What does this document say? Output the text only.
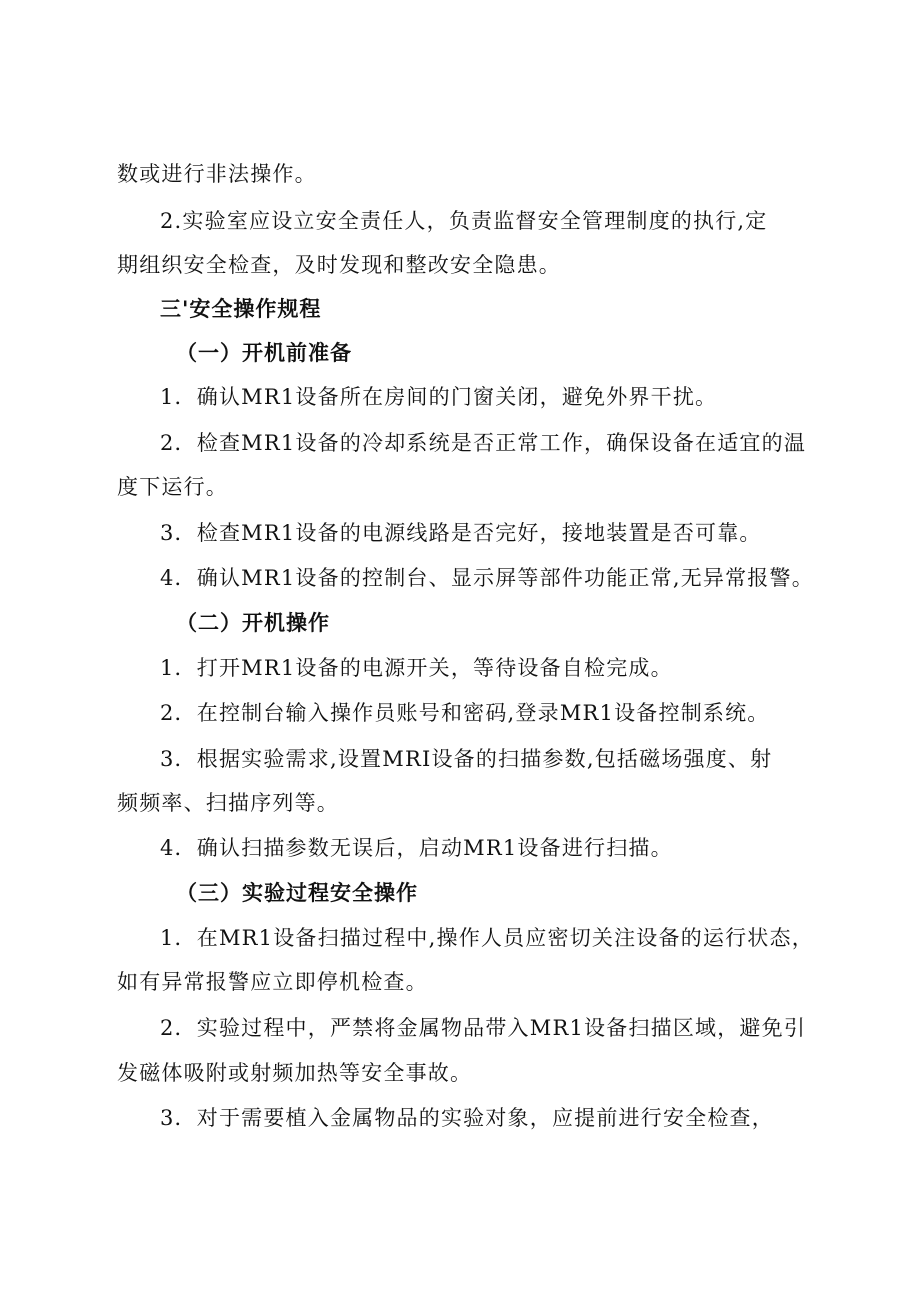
数或进行非法操作。
2.实验室应设立安全责任人，负责监督安全管理制度的执行,定
期组织安全检查，及时发现和整改安全隐患。
三'安全操作规程
（一）开机前准备
1．确认MR1设备所在房间的门窗关闭，避免外界干扰。
2．检查MR1设备的冷却系统是否正常工作，确保设备在适宜的温
度下运行。
3．检查MR1设备的电源线路是否完好，接地装置是否可靠。
4．确认MR1设备的控制台、显示屏等部件功能正常,无异常报警。
（二）开机操作
1．打开MR1设备的电源开关，等待设备自检完成。
2．在控制台输入操作员账号和密码,登录MR1设备控制系统。
3．根据实验需求,设置MRI设备的扫描参数,包括磁场强度、射
频频率、扫描序列等。
4．确认扫描参数无误后，启动MR1设备进行扫描。
（三）实验过程安全操作
1．在MR1设备扫描过程中,操作人员应密切关注设备的运行状态，
如有异常报警应立即停机检查。
2．实验过程中，严禁将金属物品带入MR1设备扫描区域，避免引
发磁体吸附或射频加热等安全事故。
3．对于需要植入金属物品的实验对象，应提前进行安全检查，
